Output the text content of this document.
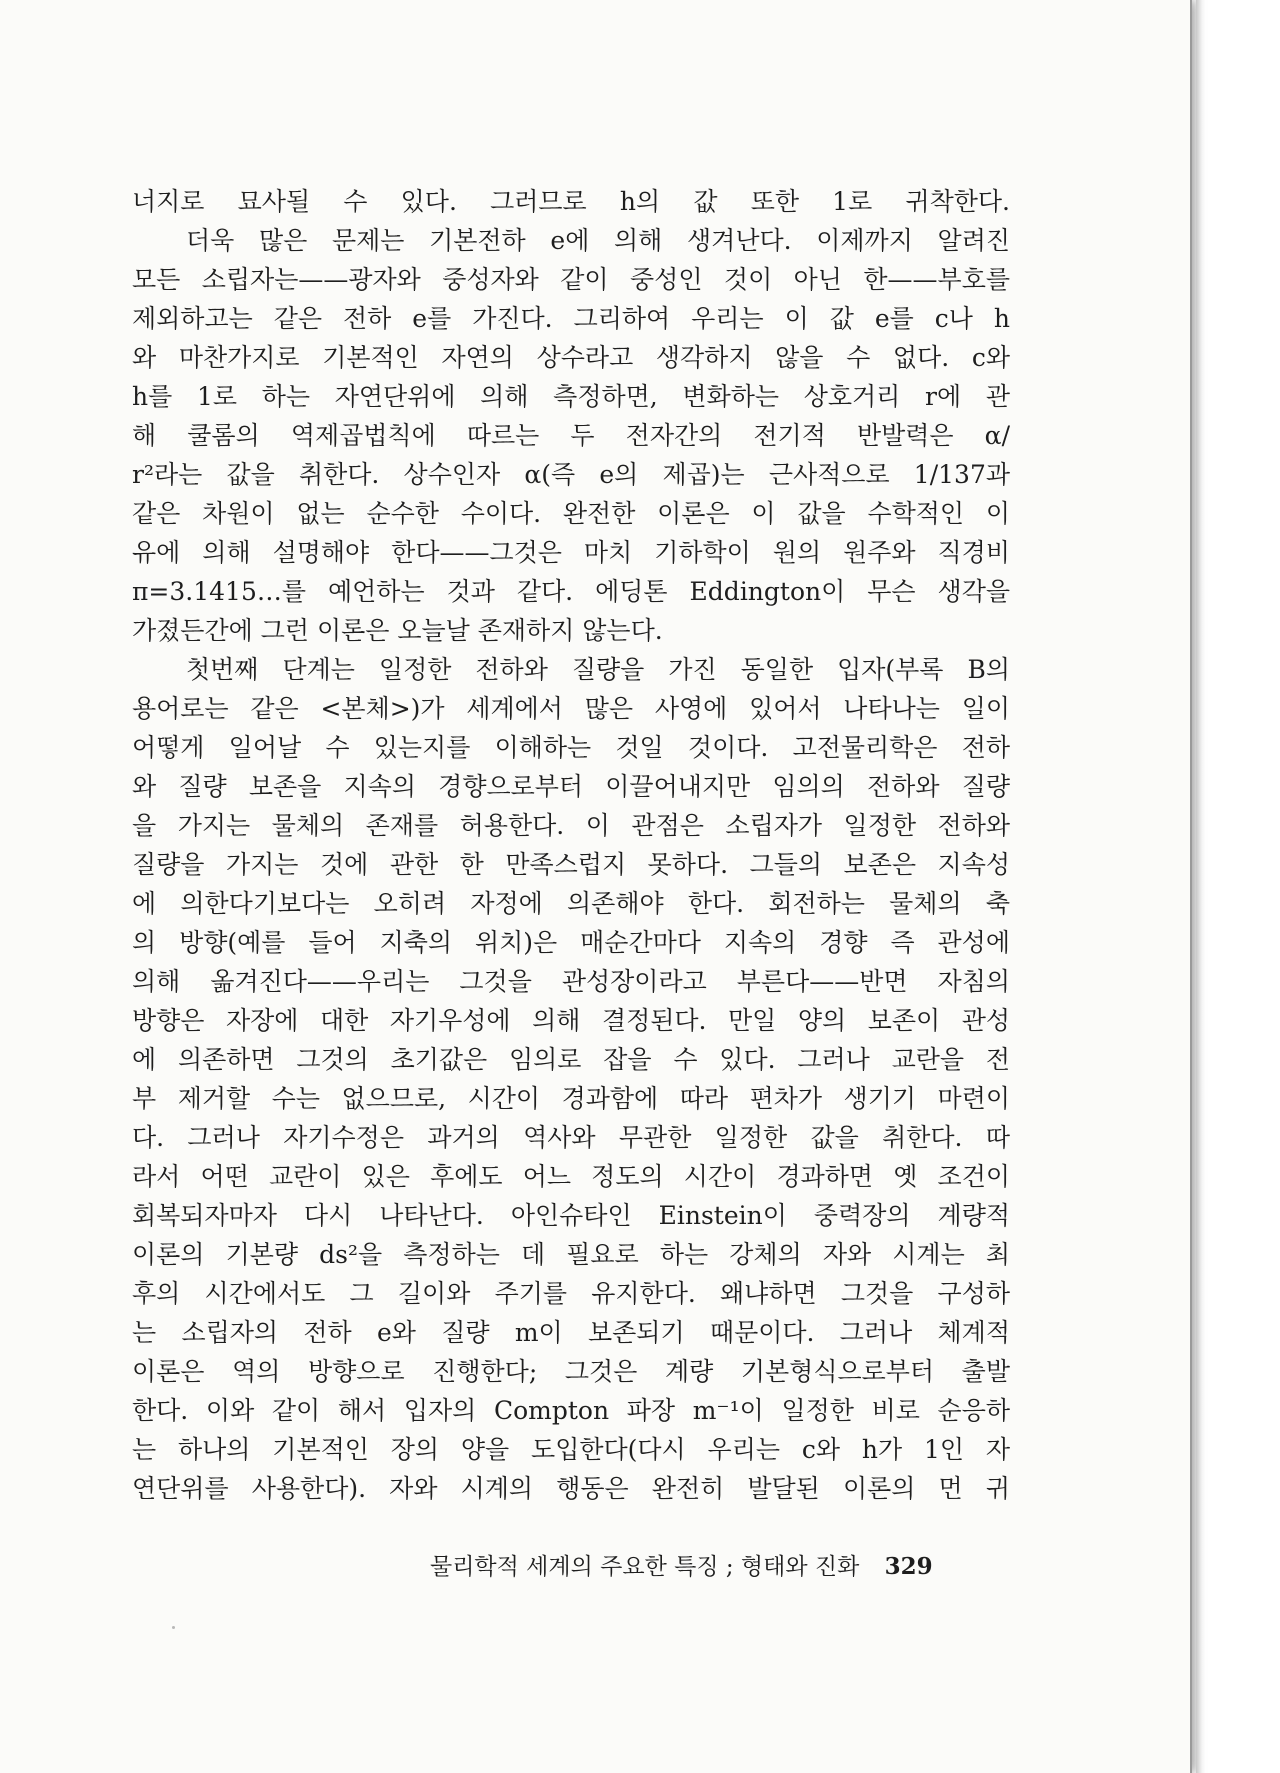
너지로 묘사될 수 있다. 그러므로 h의 값 또한 1로 귀착한다.
더욱 많은 문제는 기본전하 e에 의해 생겨난다. 이제까지 알려진
모든 소립자는——광자와 중성자와 같이 중성인 것이 아닌 한——부호를
제외하고는 같은 전하 e를 가진다. 그리하여 우리는 이 값 e를 c나 h
와 마찬가지로 기본적인 자연의 상수라고 생각하지 않을 수 없다. c와
h를 1로 하는 자연단위에 의해 측정하면, 변화하는 상호거리 r에 관
해 쿨롬의 역제곱법칙에 따르는 두 전자간의 전기적 반발력은 α/
r²라는 값을 취한다. 상수인자 α(즉 e의 제곱)는 근사적으로 1/137과
같은 차원이 없는 순수한 수이다. 완전한 이론은 이 값을 수학적인 이
유에 의해 설명해야 한다——그것은 마치 기하학이 원의 원주와 직경비
π=3.1415…를 예언하는 것과 같다. 에딩톤 Eddington이 무슨 생각을
가졌든간에 그런 이론은 오늘날 존재하지 않는다.
첫번째 단계는 일정한 전하와 질량을 가진 동일한 입자(부록 B의
용어로는 같은 <본체>)가 세계에서 많은 사영에 있어서 나타나는 일이
어떻게 일어날 수 있는지를 이해하는 것일 것이다. 고전물리학은 전하
와 질량 보존을 지속의 경향으로부터 이끌어내지만 임의의 전하와 질량
을 가지는 물체의 존재를 허용한다. 이 관점은 소립자가 일정한 전하와
질량을 가지는 것에 관한 한 만족스럽지 못하다. 그들의 보존은 지속성
에 의한다기보다는 오히려 자정에 의존해야 한다. 회전하는 물체의 축
의 방향(예를 들어 지축의 위치)은 매순간마다 지속의 경향 즉 관성에
의해 옮겨진다——우리는 그것을 관성장이라고 부른다——반면 자침의
방향은 자장에 대한 자기우성에 의해 결정된다. 만일 양의 보존이 관성
에 의존하면 그것의 초기값은 임의로 잡을 수 있다. 그러나 교란을 전
부 제거할 수는 없으므로, 시간이 경과함에 따라 편차가 생기기 마련이
다. 그러나 자기수정은 과거의 역사와 무관한 일정한 값을 취한다. 따
라서 어떤 교란이 있은 후에도 어느 정도의 시간이 경과하면 옛 조건이
회복되자마자 다시 나타난다. 아인슈타인 Einstein이 중력장의 계량적
이론의 기본량 ds²을 측정하는 데 필요로 하는 강체의 자와 시계는 최
후의 시간에서도 그 길이와 주기를 유지한다. 왜냐하면 그것을 구성하
는 소립자의 전하 e와 질량 m이 보존되기 때문이다. 그러나 체계적
이론은 역의 방향으로 진행한다; 그것은 계량 기본형식으로부터 출발
한다. 이와 같이 해서 입자의 Compton 파장 m⁻¹이 일정한 비로 순응하
는 하나의 기본적인 장의 양을 도입한다(다시 우리는 c와 h가 1인 자
연단위를 사용한다). 자와 시계의 행동은 완전히 발달된 이론의 먼 귀
물리학적 세계의 주요한 특징 ; 형태와 진화 329
